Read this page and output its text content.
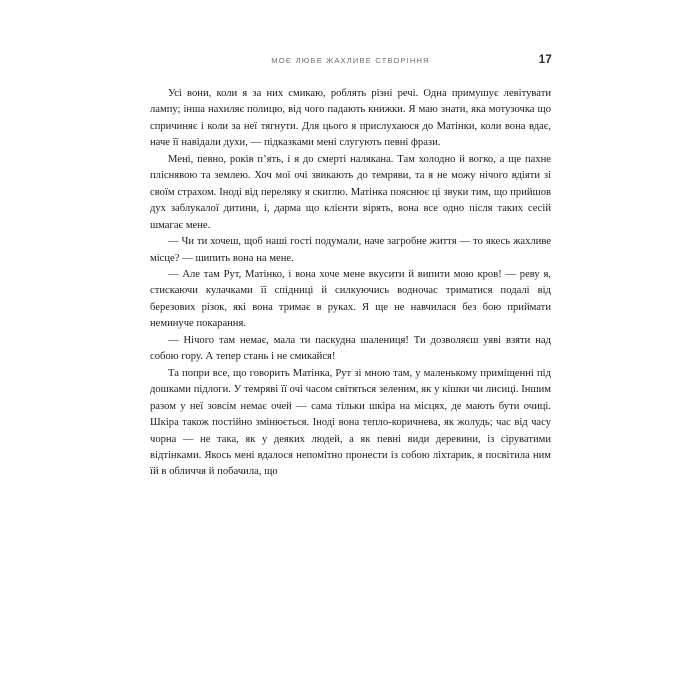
МОЄ ЛЮБЕ ЖАХЛИВЕ СТВОРІННЯ	17

Усі вони, коли я за них смикаю, роблять різні речі. Одна примушує левітувати лампу; інша нахиляє полицю, від чого падають книжки. Я маю знати, яка мотузочка що спричиняє і коли за неї тягнути. Для цього я прислухаюся до Матінки, коли вона вдає, наче її навідали духи, — підказками мені слугують певні фрази.

Мені, певно, років п’ять, і я до смерті налякана. Там холодно й вогко, а ще пахне пліснявою та землею. Хоч мої очі звикають до темряви, та я не можу нічого вдіяти зі своїм страхом. Іноді від переляку я скиглю. Матінка пояснює ці звуки тим, що прийшов дух заблукалої дитини, і, дарма що клієнти вірять, вона все одно після таких сесій шмагає мене.

— Чи ти хочеш, щоб наші гості подумали, наче загробне життя — то якесь жахливе місце? — шипить вона на мене.

— Але там Рут, Матінко, і вона хоче мене вкусити й випити мою кров! — реву я, стискаючи кулачками її спідниці й силкуючись водночас триматися подалі від березових різок, які вона тримає в руках. Я ще не навчилася без бою приймати неминуче покарання.

— Нічого там немає, мала ти паскудна шалениця! Ти дозволяєш уяві взяти над собою гору. А тепер стань і не смикайся!

Та попри все, що говорить Матінка, Рут зі мною там, у маленькому приміщенні під дошками підлоги. У темряві її очі часом світяться зеленим, як у кішки чи лисиці. Іншим разом у неї зовсім немає очей — сама тільки шкіра на місцях, де мають бути очиці. Шкіра також постійно змінюється. Іноді вона тепло-коричнева, як жолудь; час від часу чорна — не така, як у деяких людей, а як певні види деревини, із сіруватими відтінками. Якось мені вдалося непомітно пронести із собою ліхтарик, я посвітила ним їй в обличчя й побачила, що
